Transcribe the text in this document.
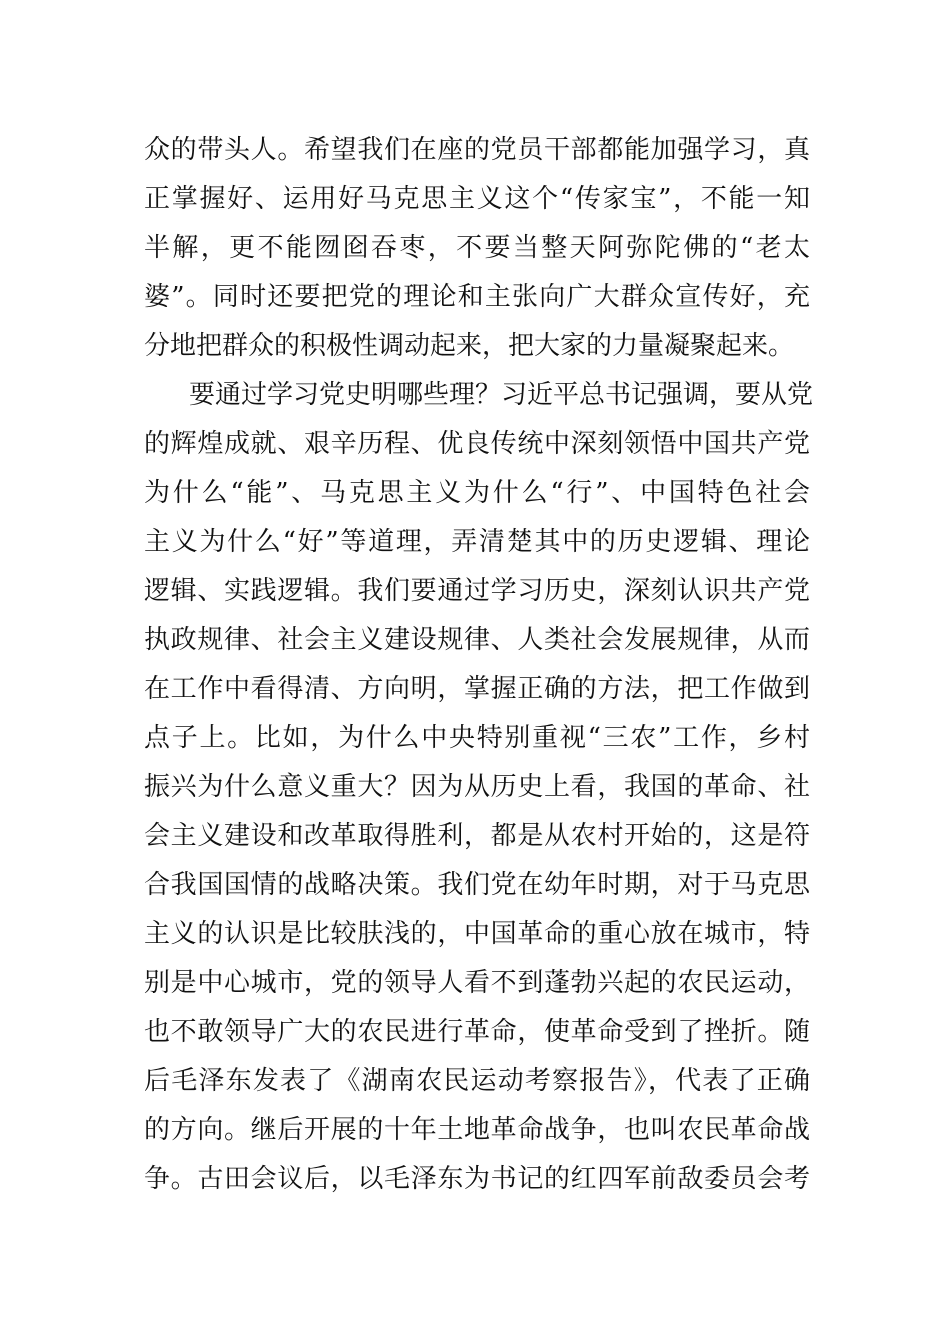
众的带头人。希望我们在座的党员干部都能加强学习，真
正掌握好、运用好马克思主义这个“传家宝”，不能一知
半解，更不能囫囵吞枣，不要当整天阿弥陀佛的“老太
婆”。同时还要把党的理论和主张向广大群众宣传好，充
分地把群众的积极性调动起来，把大家的力量凝聚起来。
要通过学习党史明哪些理？习近平总书记强调，要从党
的辉煌成就、艰辛历程、优良传统中深刻领悟中国共产党
为什么“能”、马克思主义为什么“行”、中国特色社会
主义为什么“好”等道理，弄清楚其中的历史逻辑、理论
逻辑、实践逻辑。我们要通过学习历史，深刻认识共产党
执政规律、社会主义建设规律、人类社会发展规律，从而
在工作中看得清、方向明，掌握正确的方法，把工作做到
点子上。比如，为什么中央特别重视“三农”工作，乡村
振兴为什么意义重大？因为从历史上看，我国的革命、社
会主义建设和改革取得胜利，都是从农村开始的，这是符
合我国国情的战略决策。我们党在幼年时期，对于马克思
主义的认识是比较肤浅的，中国革命的重心放在城市，特
别是中心城市，党的领导人看不到蓬勃兴起的农民运动，
也不敢领导广大的农民进行革命，使革命受到了挫折。随
后毛泽东发表了《湖南农民运动考察报告》，代表了正确
的方向。继后开展的十年土地革命战争，也叫农民革命战
争。古田会议后，以毛泽东为书记的红四军前敌委员会考
